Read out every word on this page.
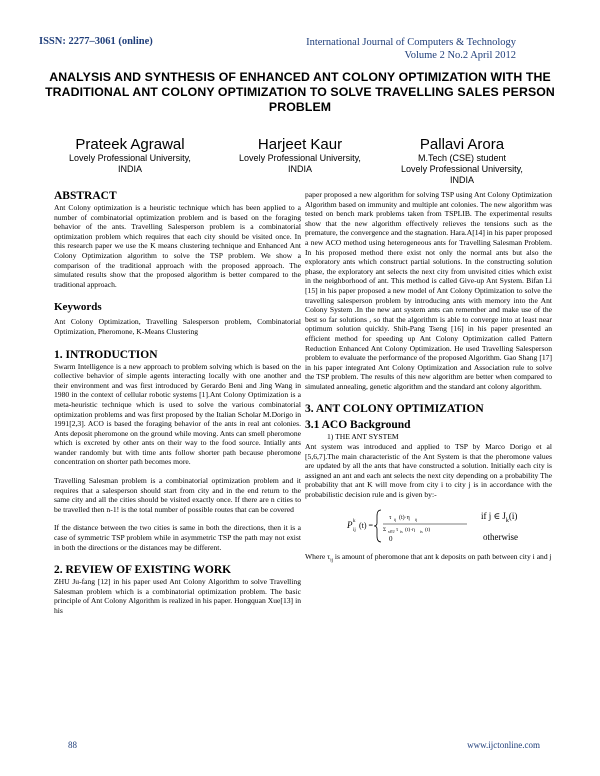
ISSN: 2277–3061 (online)	International Journal of Computers & Technology
Volume 2 No.2 April 2012
ANALYSIS AND SYNTHESIS OF ENHANCED ANT COLONY OPTIMIZATION WITH THE TRADITIONAL ANT COLONY OPTIMIZATION TO SOLVE TRAVELLING SALES PERSON PROBLEM
Prateek Agrawal
Lovely Professional University,
INDIA
Harjeet Kaur
Lovely Professional University,
INDIA
Pallavi Arora
M.Tech (CSE) student
Lovely Professional University,
INDIA
ABSTRACT

Ant Colony optimization is a heuristic technique which has been applied to a number of combinatorial optimization problem and is based on the foraging behavior of the ants. Travelling Salesperson problem is a combinatorial optimization problem which requires that each city should be visited once. In this research paper we use the K means clustering technique and Enhanced Ant Colony Optimization algorithm to solve the TSP problem. We show a comparison of the traditional approach with the proposed approach. The simulated results show that the proposed algorithm is better compared to the traditional approach.

Keywords

Ant Colony Optimization, Travelling Salesperson problem, Combinatorial Optimization, Pheromone, K-Means Clustering

1. INTRODUCTION

Swarm Intelligence is a new approach to problem solving which is based on the collective behavior of simple agents interacting locally with one another and their environment and was first introduced by Gerardo Beni and Jing Wang in 1980 in the context of cellular robotic systems [1].Ant Colony Optimization is a meta-heuristic technique which is used to solve the various combinatorial optimization problems and was first proposed by the Italian Scholar M.Dorigo in 1991[2,3]. ACO is based the foraging behavior of the ants in real ant colonies. Ants deposit pheromone on the ground while moving. Ants can smell pheromone which is excreted by other ants on their way to the food source. Intially ants wander randomly but with time ants follow shorter path because pheromone concentration on shorter path becomes more.

Travelling Salesman problem is a combinatorial optimization problem and it requires that a salesperson should start from city and in the end return to the same city and all the cities should be visited exactly once. If there are n cities to be travelled then n-1! is the total number of possible routes that can be covered

If the distance between the two cities is same in both the directions, then it is a case of symmetric TSP problem while in asymmetric TSP the path may not exist in both the directions or the distances may be different.

2. REVIEW OF EXISTING WORK

ZHU Ju-fang [12] in his paper used Ant Colony Algorithm to solve Travelling Salesman problem which is a combinatorial optimization problem. The basic principle of Ant Colony Algorithm is realized in his paper. Hongquan Xue[13] in his

paper proposed a new algorithm for solving TSP using Ant Colony Optimization Algorithm based on immunity and multiple ant colonies. The new algorithm was tested on bench mark problems taken from TSPLIB. The experimental results show that the new algorithm effectively relieves the tensions such as the premature, the convergence and the stagnation. Hara.A[14] in his paper proposed a new ACO method using heterogeneous ants for Travelling Salesman Problem. In his proposed method there exist not only the normal ants but also the exploratory ants which construct partial solutions. In the constructing solution phase, the exploratory ant selects the next city from unvisited cities which exist in the neighborhood of ant. This method is called Give-up Ant System. Bifan Li [15] in his paper proposed a new model of Ant Colony Optimization to solve the travelling salesperson problem by introducing ants with memory into the Ant Colony System .In the new ant system ants can remember and make use of the best so far solutions , so that the algorithm is able to converge into at least near optimum solution quickly. Shih-Pang Tseng [16] in his paper presented an efficient method for speeding up Ant Colony Optimization called Pattern Reduction Enhanced Ant Colony Optimization. He used Travelling Salesperson problem to evaluate the performance of the proposed Algorithm. Gao Shang [17] in his paper integrated Ant Colony Optimization and Association rule to solve the TSP problem. The results of this new algorithm are better when compared to simulated annealing, genetic algorithm and the standard ant colony algorithm.

3. ANT COLONY OPTIMIZATION
3.1 ACO Background

1) THE ANT SYSTEM

Ant system was introduced and applied to TSP by Marco Dorigo et al [5,6,7].The main characteristic of the Ant System is that the pheromone values are updated by all the ants that have constructed a solution. Initially each city is assigned an ant and each ant selects the next city depending on a probability The probability that ant K will move from city i to city j is in accordance with the probabilistic decision rule and is given by:-

P
ij
k (t) =
τ ij (t)·η ij
Σ s∈J τ is (t)·η is (t)
0
if j ∈ $J_k(i)$
otherwise

Where $\tau_{ij}$ is amount of pheromone that ant k deposits on path between city i and j

88	www.ijctonline.com
